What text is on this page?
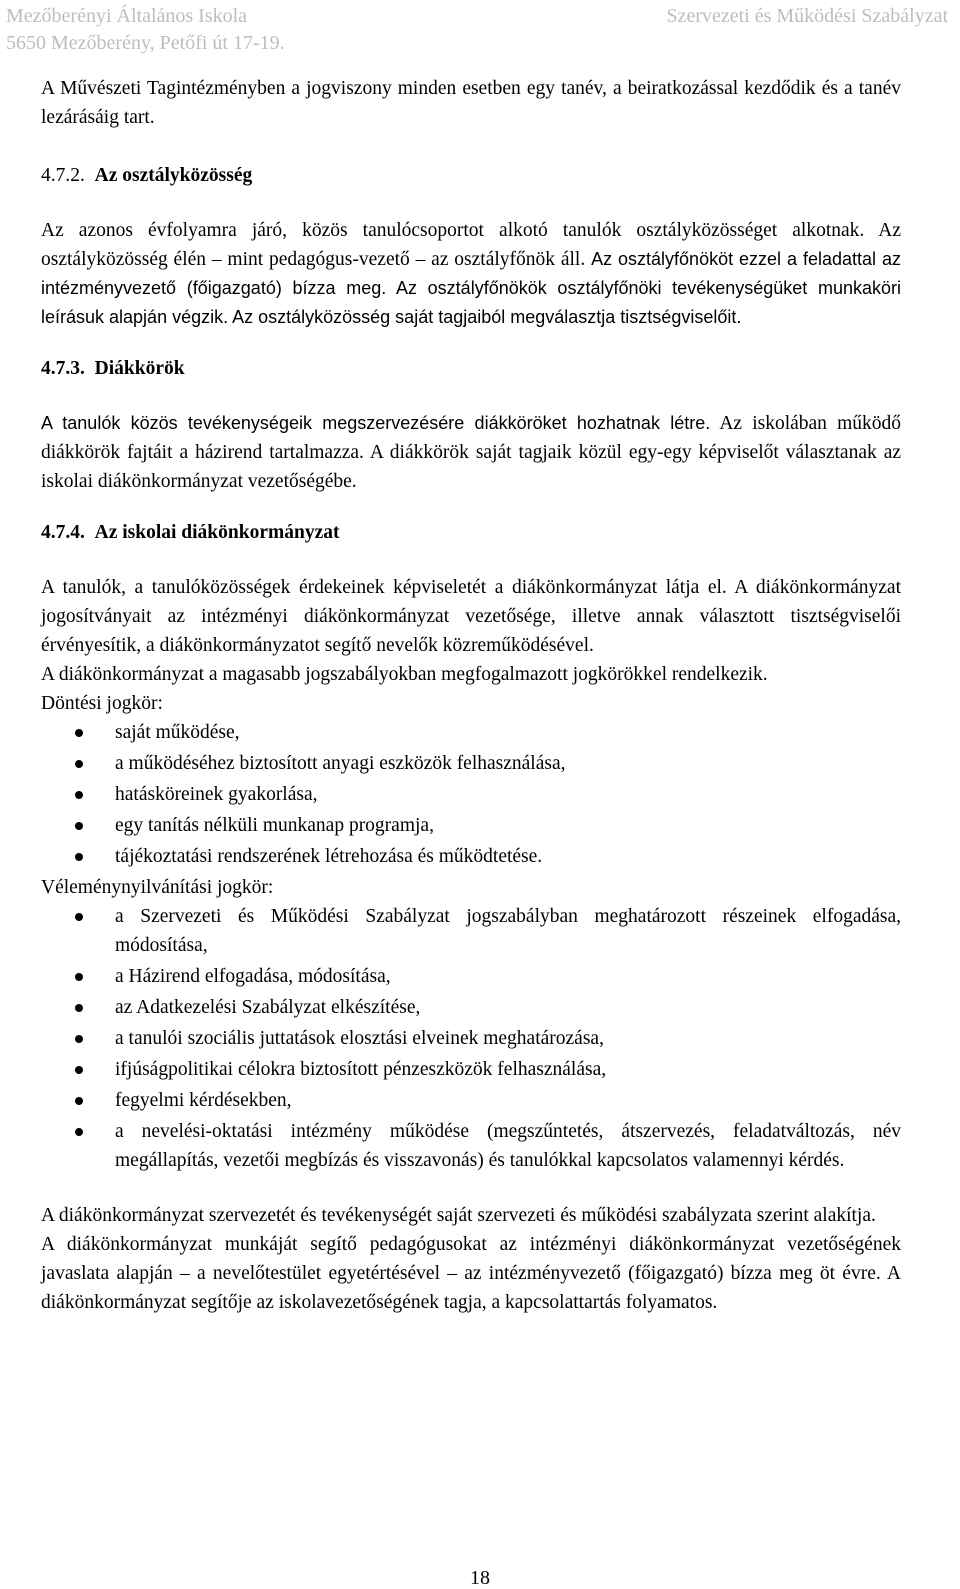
Mezőberényi Általános Iskola
5650 Mezőberény, Petőfi út 17-19.
Szervezeti és Működési Szabályzat

A Művészeti Tagintézményben a jogviszony minden esetben egy tanév, a beiratkozással kezdődik és a tanév lezárásáig tart.

4.7.2. Az osztályközösség

Az azonos évfolyamra járó, közös tanulócsoportot alkotó tanulók osztályközösséget alkotnak. Az osztályközösség élén – mint pedagógus-vezető – az osztályfőnök áll. Az osztályfőnököt ezzel a feladattal az intézményvezető (főigazgató) bízza meg. Az osztályfőnökök osztályfőnöki tevékenységüket munkaköri leírásuk alapján végzik. Az osztályközösség saját tagjaiból megválasztja tisztségviselőit.

4.7.3. Diákkörök

A tanulók közös tevékenységeik megszervezésére diákköröket hozhatnak létre. Az iskolában működő diákkörök fajtáit a házirend tartalmazza. A diákkörök saját tagjaik közül egy-egy képviselőt választanak az iskolai diákönkormányzat vezetőségébe.

4.7.4. Az iskolai diákönkormányzat

A tanulók, a tanulóközösségek érdekeinek képviseletét a diákönkormányzat látja el. A diákönkormányzat jogosítványait az intézményi diákönkormányzat vezetősége, illetve annak választott tisztségviselői érvényesítik, a diákönkormányzatot segítő nevelők közreműködésével.

A diákönkormányzat a magasabb jogszabályokban megfogalmazott jogkörökkel rendelkezik.

Döntési jogkör:

saját működése,
a működéséhez biztosított anyagi eszközök felhasználása,
hatásköreinek gyakorlása,
egy tanítás nélküli munkanap programja,
tájékoztatási rendszerének létrehozása és működtetése.

Véleménynyilvánítási jogkör:

a Szervezeti és Működési Szabályzat jogszabályban meghatározott részeinek elfogadása, módosítása,
a Házirend elfogadása, módosítása,
az Adatkezelési Szabályzat elkészítése,
a tanulói szociális juttatások elosztási elveinek meghatározása,
ifjúságpolitikai célokra biztosított pénzeszközök felhasználása,
fegyelmi kérdésekben,
a nevelési-oktatási intézmény működése (megszűntetés, átszervezés, feladatváltozás, név megállapítás, vezetői megbízás és visszavonás) és tanulókkal kapcsolatos valamennyi kérdés.

A diákönkormányzat szervezetét és tevékenységét saját szervezeti és működési szabályzata szerint alakítja.

A diákönkormányzat munkáját segítő pedagógusokat az intézményi diákönkormányzat vezetőségének javaslata alapján – a nevelőtestület egyetértésével – az intézményvezető (főigazgató) bízza meg öt évre. A diákönkormányzat segítője az iskolavezetőségének tagja, a kapcsolattartás folyamatos.

18
